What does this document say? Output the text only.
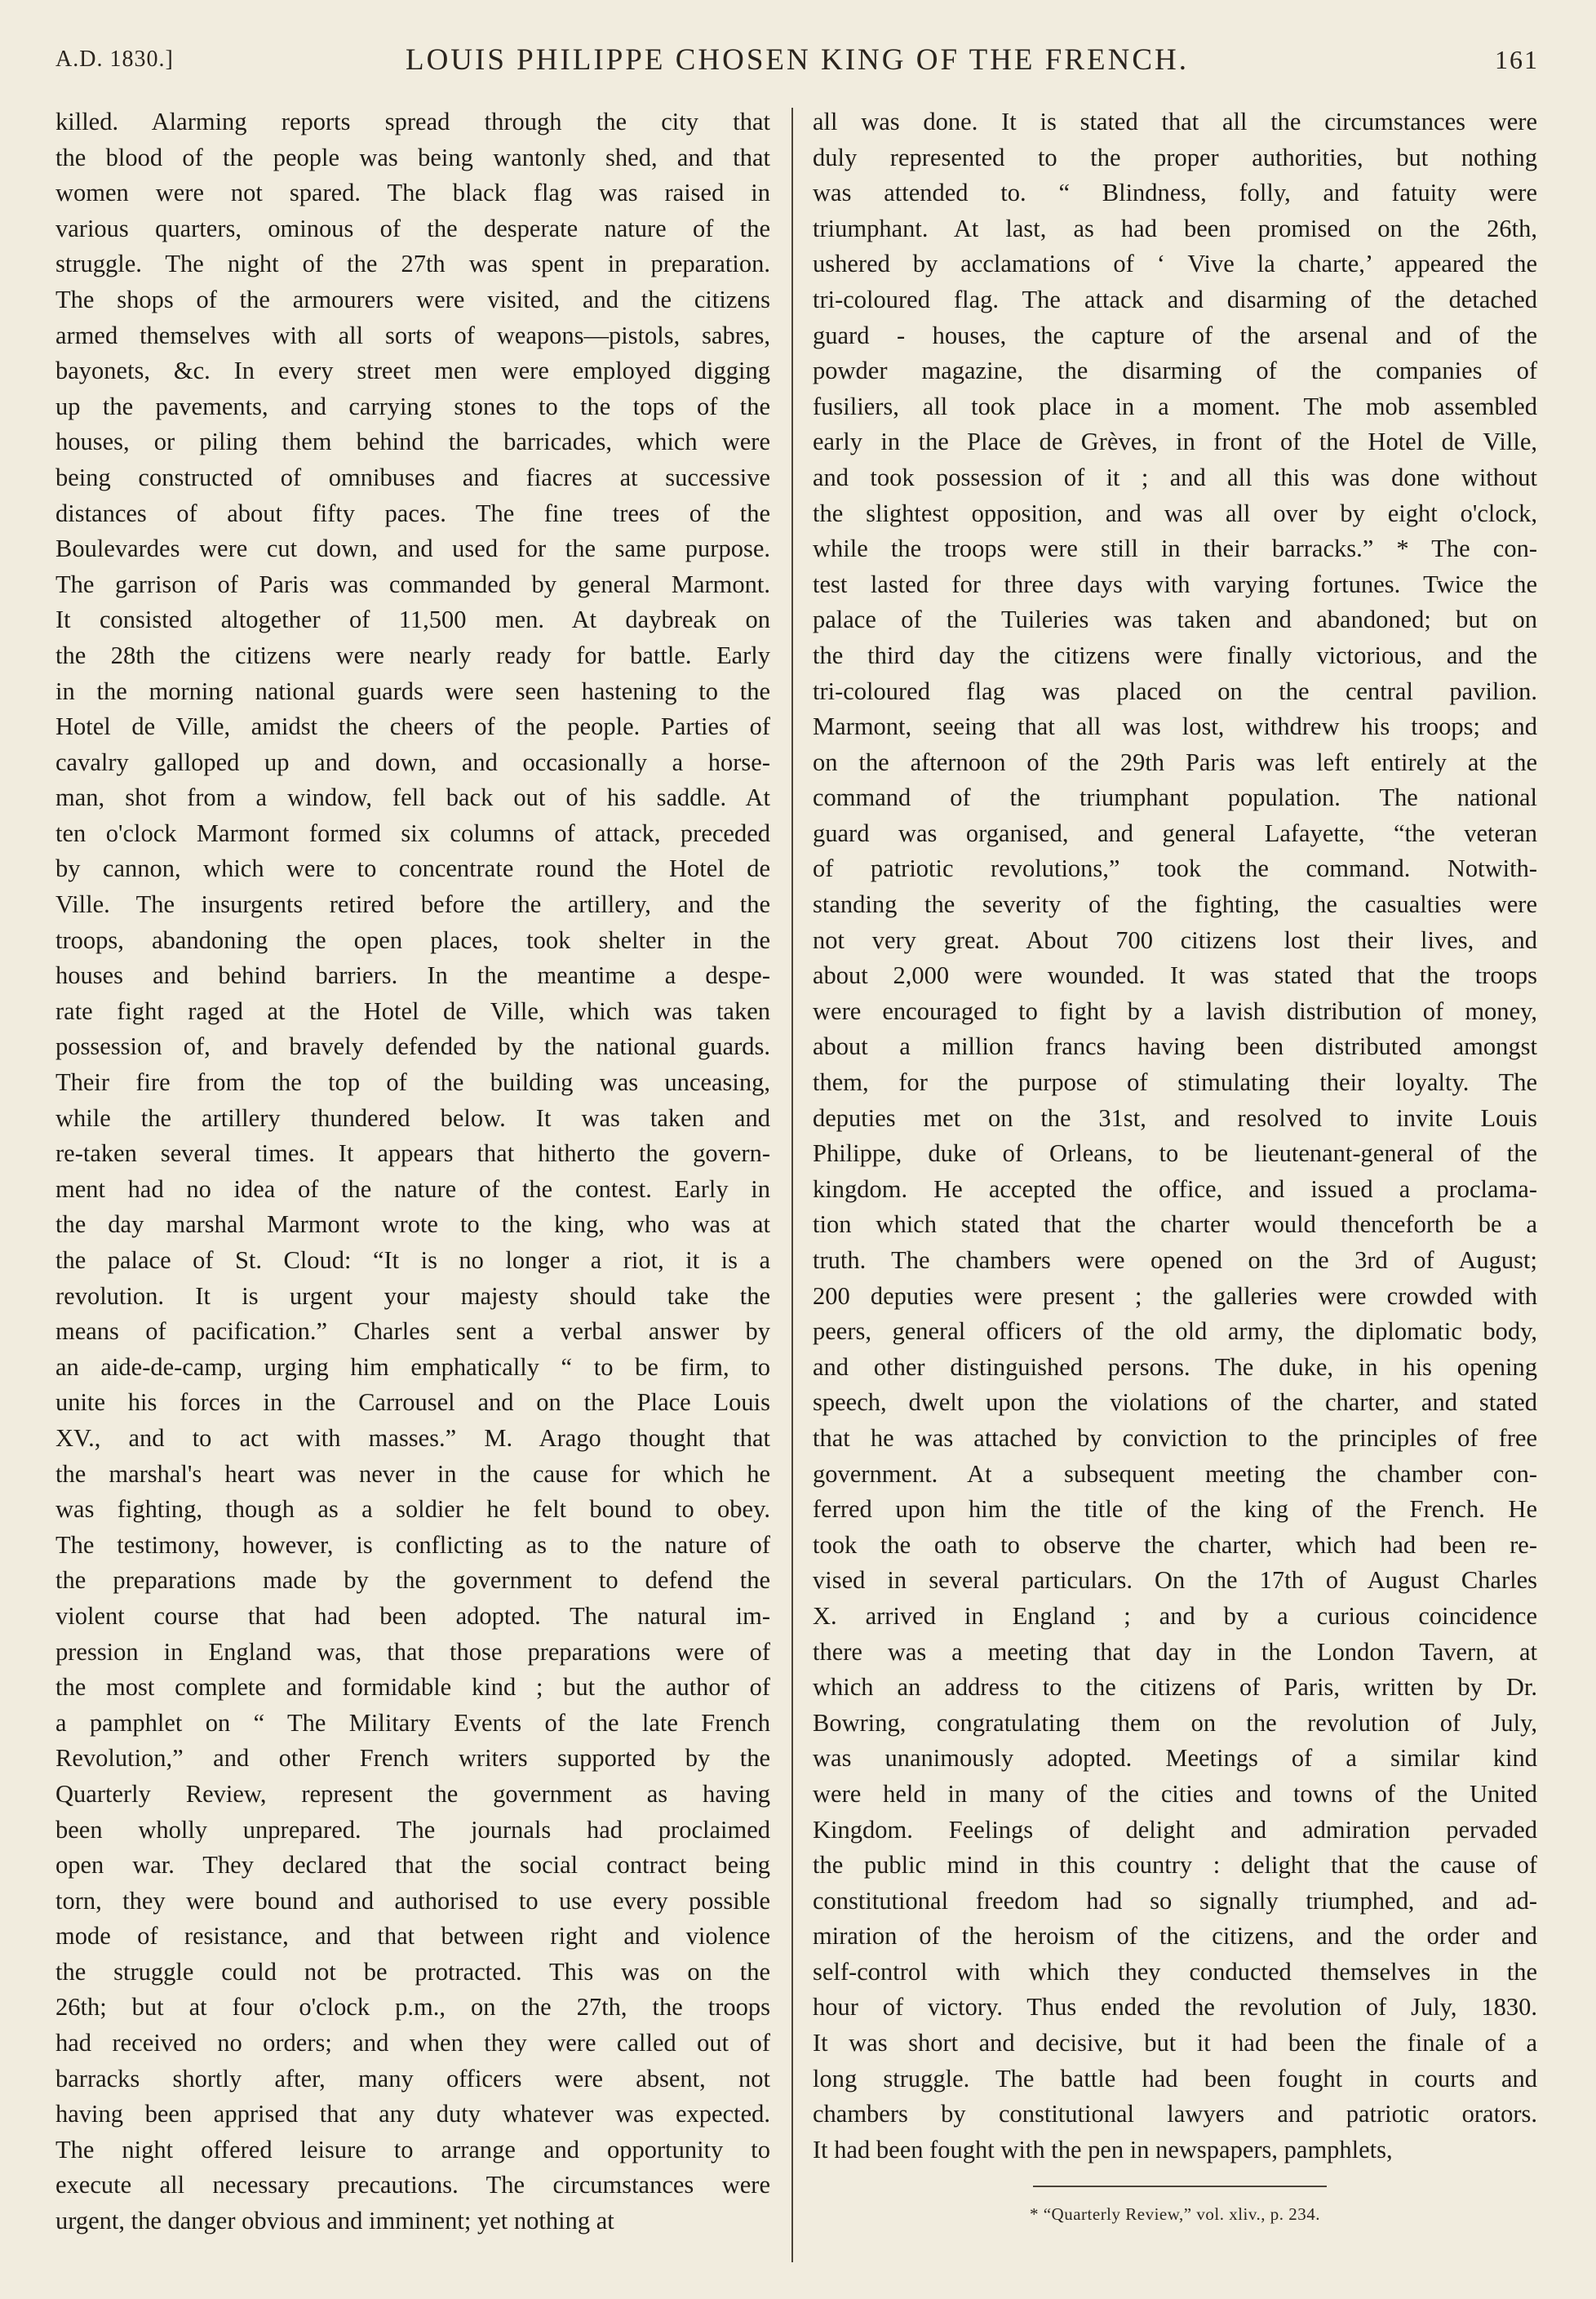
A.D. 1830.]	LOUIS PHILIPPE CHOSEN KING OF THE FRENCH.	161
killed. Alarming reports spread through the city that
the blood of the people was being wantonly shed, and that
women were not spared. The black flag was raised in
various quarters, ominous of the desperate nature of the
struggle. The night of the 27th was spent in preparation.
The shops of the armourers were visited, and the citizens
armed themselves with all sorts of weapons—pistols, sabres,
bayonets, &c. In every street men were employed digging
up the pavements, and carrying stones to the tops of the
houses, or piling them behind the barricades, which were
being constructed of omnibuses and fiacres at successive
distances of about fifty paces. The fine trees of the
Boulevardes were cut down, and used for the same purpose.
The garrison of Paris was commanded by general Marmont.
It consisted altogether of 11,500 men. At daybreak on
the 28th the citizens were nearly ready for battle. Early
in the morning national guards were seen hastening to the
Hotel de Ville, amidst the cheers of the people. Parties of
cavalry galloped up and down, and occasionally a horse-
man, shot from a window, fell back out of his saddle. At
ten o'clock Marmont formed six columns of attack, preceded
by cannon, which were to concentrate round the Hotel de
Ville. The insurgents retired before the artillery, and the
troops, abandoning the open places, took shelter in the
houses and behind barriers. In the meantime a despe-
rate fight raged at the Hotel de Ville, which was taken
possession of, and bravely defended by the national guards.
Their fire from the top of the building was unceasing,
while the artillery thundered below. It was taken and
re-taken several times. It appears that hitherto the govern-
ment had no idea of the nature of the contest. Early in
the day marshal Marmont wrote to the king, who was at
the palace of St. Cloud: “It is no longer a riot, it is a
revolution. It is urgent your majesty should take the
means of pacification.” Charles sent a verbal answer by
an aide-de-camp, urging him emphatically “ to be firm, to
unite his forces in the Carrousel and on the Place Louis
XV., and to act with masses.” M. Arago thought that
the marshal's heart was never in the cause for which he
was fighting, though as a soldier he felt bound to obey.
The testimony, however, is conflicting as to the nature of
the preparations made by the government to defend the
violent course that had been adopted. The natural im-
pression in England was, that those preparations were of
the most complete and formidable kind ; but the author of
a pamphlet on “ The Military Events of the late French
Revolution,” and other French writers supported by the
Quarterly Review, represent the government as having
been wholly unprepared. The journals had proclaimed
open war. They declared that the social contract being
torn, they were bound and authorised to use every possible
mode of resistance, and that between right and violence
the struggle could not be protracted. This was on the
26th; but at four o'clock p.m., on the 27th, the troops
had received no orders; and when they were called out of
barracks shortly after, many officers were absent, not
having been apprised that any duty whatever was expected.
The night offered leisure to arrange and opportunity to
execute all necessary precautions. The circumstances were
urgent, the danger obvious and imminent; yet nothing at
all was done. It is stated that all the circumstances were
duly represented to the proper authorities, but nothing
was attended to. “ Blindness, folly, and fatuity were
triumphant. At last, as had been promised on the 26th,
ushered by acclamations of ‘ Vive la charte,’ appeared the
tri-coloured flag. The attack and disarming of the detached
guard - houses, the capture of the arsenal and of the
powder magazine, the disarming of the companies of
fusiliers, all took place in a moment. The mob assembled
early in the Place de Grèves, in front of the Hotel de Ville,
and took possession of it ; and all this was done without
the slightest opposition, and was all over by eight o'clock,
while the troops were still in their barracks.” * The con-
test lasted for three days with varying fortunes. Twice the
palace of the Tuileries was taken and abandoned; but on
the third day the citizens were finally victorious, and the
tri-coloured flag was placed on the central pavilion.
Marmont, seeing that all was lost, withdrew his troops; and
on the afternoon of the 29th Paris was left entirely at the
command of the triumphant population. The national
guard was organised, and general Lafayette, “the veteran
of patriotic revolutions,” took the command. Notwith-
standing the severity of the fighting, the casualties were
not very great. About 700 citizens lost their lives, and
about 2,000 were wounded. It was stated that the troops
were encouraged to fight by a lavish distribution of money,
about a million francs having been distributed amongst
them, for the purpose of stimulating their loyalty. The
deputies met on the 31st, and resolved to invite Louis
Philippe, duke of Orleans, to be lieutenant-general of the
kingdom. He accepted the office, and issued a proclama-
tion which stated that the charter would thenceforth be a
truth. The chambers were opened on the 3rd of August;
200 deputies were present ; the galleries were crowded with
peers, general officers of the old army, the diplomatic body,
and other distinguished persons. The duke, in his opening
speech, dwelt upon the violations of the charter, and stated
that he was attached by conviction to the principles of free
government. At a subsequent meeting the chamber con-
ferred upon him the title of the king of the French. He
took the oath to observe the charter, which had been re-
vised in several particulars. On the 17th of August Charles
X. arrived in England ; and by a curious coincidence
there was a meeting that day in the London Tavern, at
which an address to the citizens of Paris, written by Dr.
Bowring, congratulating them on the revolution of July,
was unanimously adopted. Meetings of a similar kind
were held in many of the cities and towns of the United
Kingdom. Feelings of delight and admiration pervaded
the public mind in this country : delight that the cause of
constitutional freedom had so signally triumphed, and ad-
miration of the heroism of the citizens, and the order and
self-control with which they conducted themselves in the
hour of victory. Thus ended the revolution of July, 1830.
It was short and decisive, but it had been the finale of a
long struggle. The battle had been fought in courts and
chambers by constitutional lawyers and patriotic orators.
It had been fought with the pen in newspapers, pamphlets,
* “Quarterly Review,” vol. xliv., p. 234.
